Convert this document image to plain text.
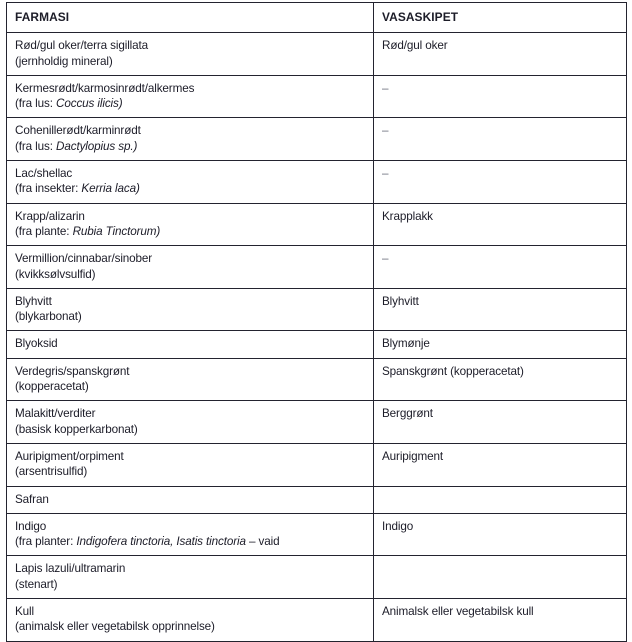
FARMASI	VASASKIPET

Rød/gul oker/terra sigillata
(jernholdig mineral)	Rød/gul oker

Kermesrødt/karmosinrødt/alkermes
(fra lus: Coccus ilicis)	–

Cohenillerødt/karminrødt
(fra lus: Dactylopius sp.)	–

Lac/shellac
(fra insekter: Kerria laca)	–

Krapp/alizarin
(fra plante: Rubia Tinctorum)	Krapplakk

Vermillion/cinnabar/sinober
(kvikksølvsulfid)	–

Blyhvitt
(blykarbonat)	Blyhvitt

Blyoksid	Blymønje

Verdegris/spanskgrønt
(kopperacetat)	Spanskgrønt (kopperacetat)

Malakitt/verditer
(basisk kopperkarbonat)	Berggrønt

Auripigment/orpiment
(arsentrisulfid)	Auripigment

Safran	

Indigo
(fra planter: Indigofera tinctoria, Isatis tinctoria – vaid	Indigo

Lapis lazuli/ultramarin
(stenart)	

Kull
(animalsk eller vegetabilsk opprinnelse)	Animalsk eller vegetabilsk kull
